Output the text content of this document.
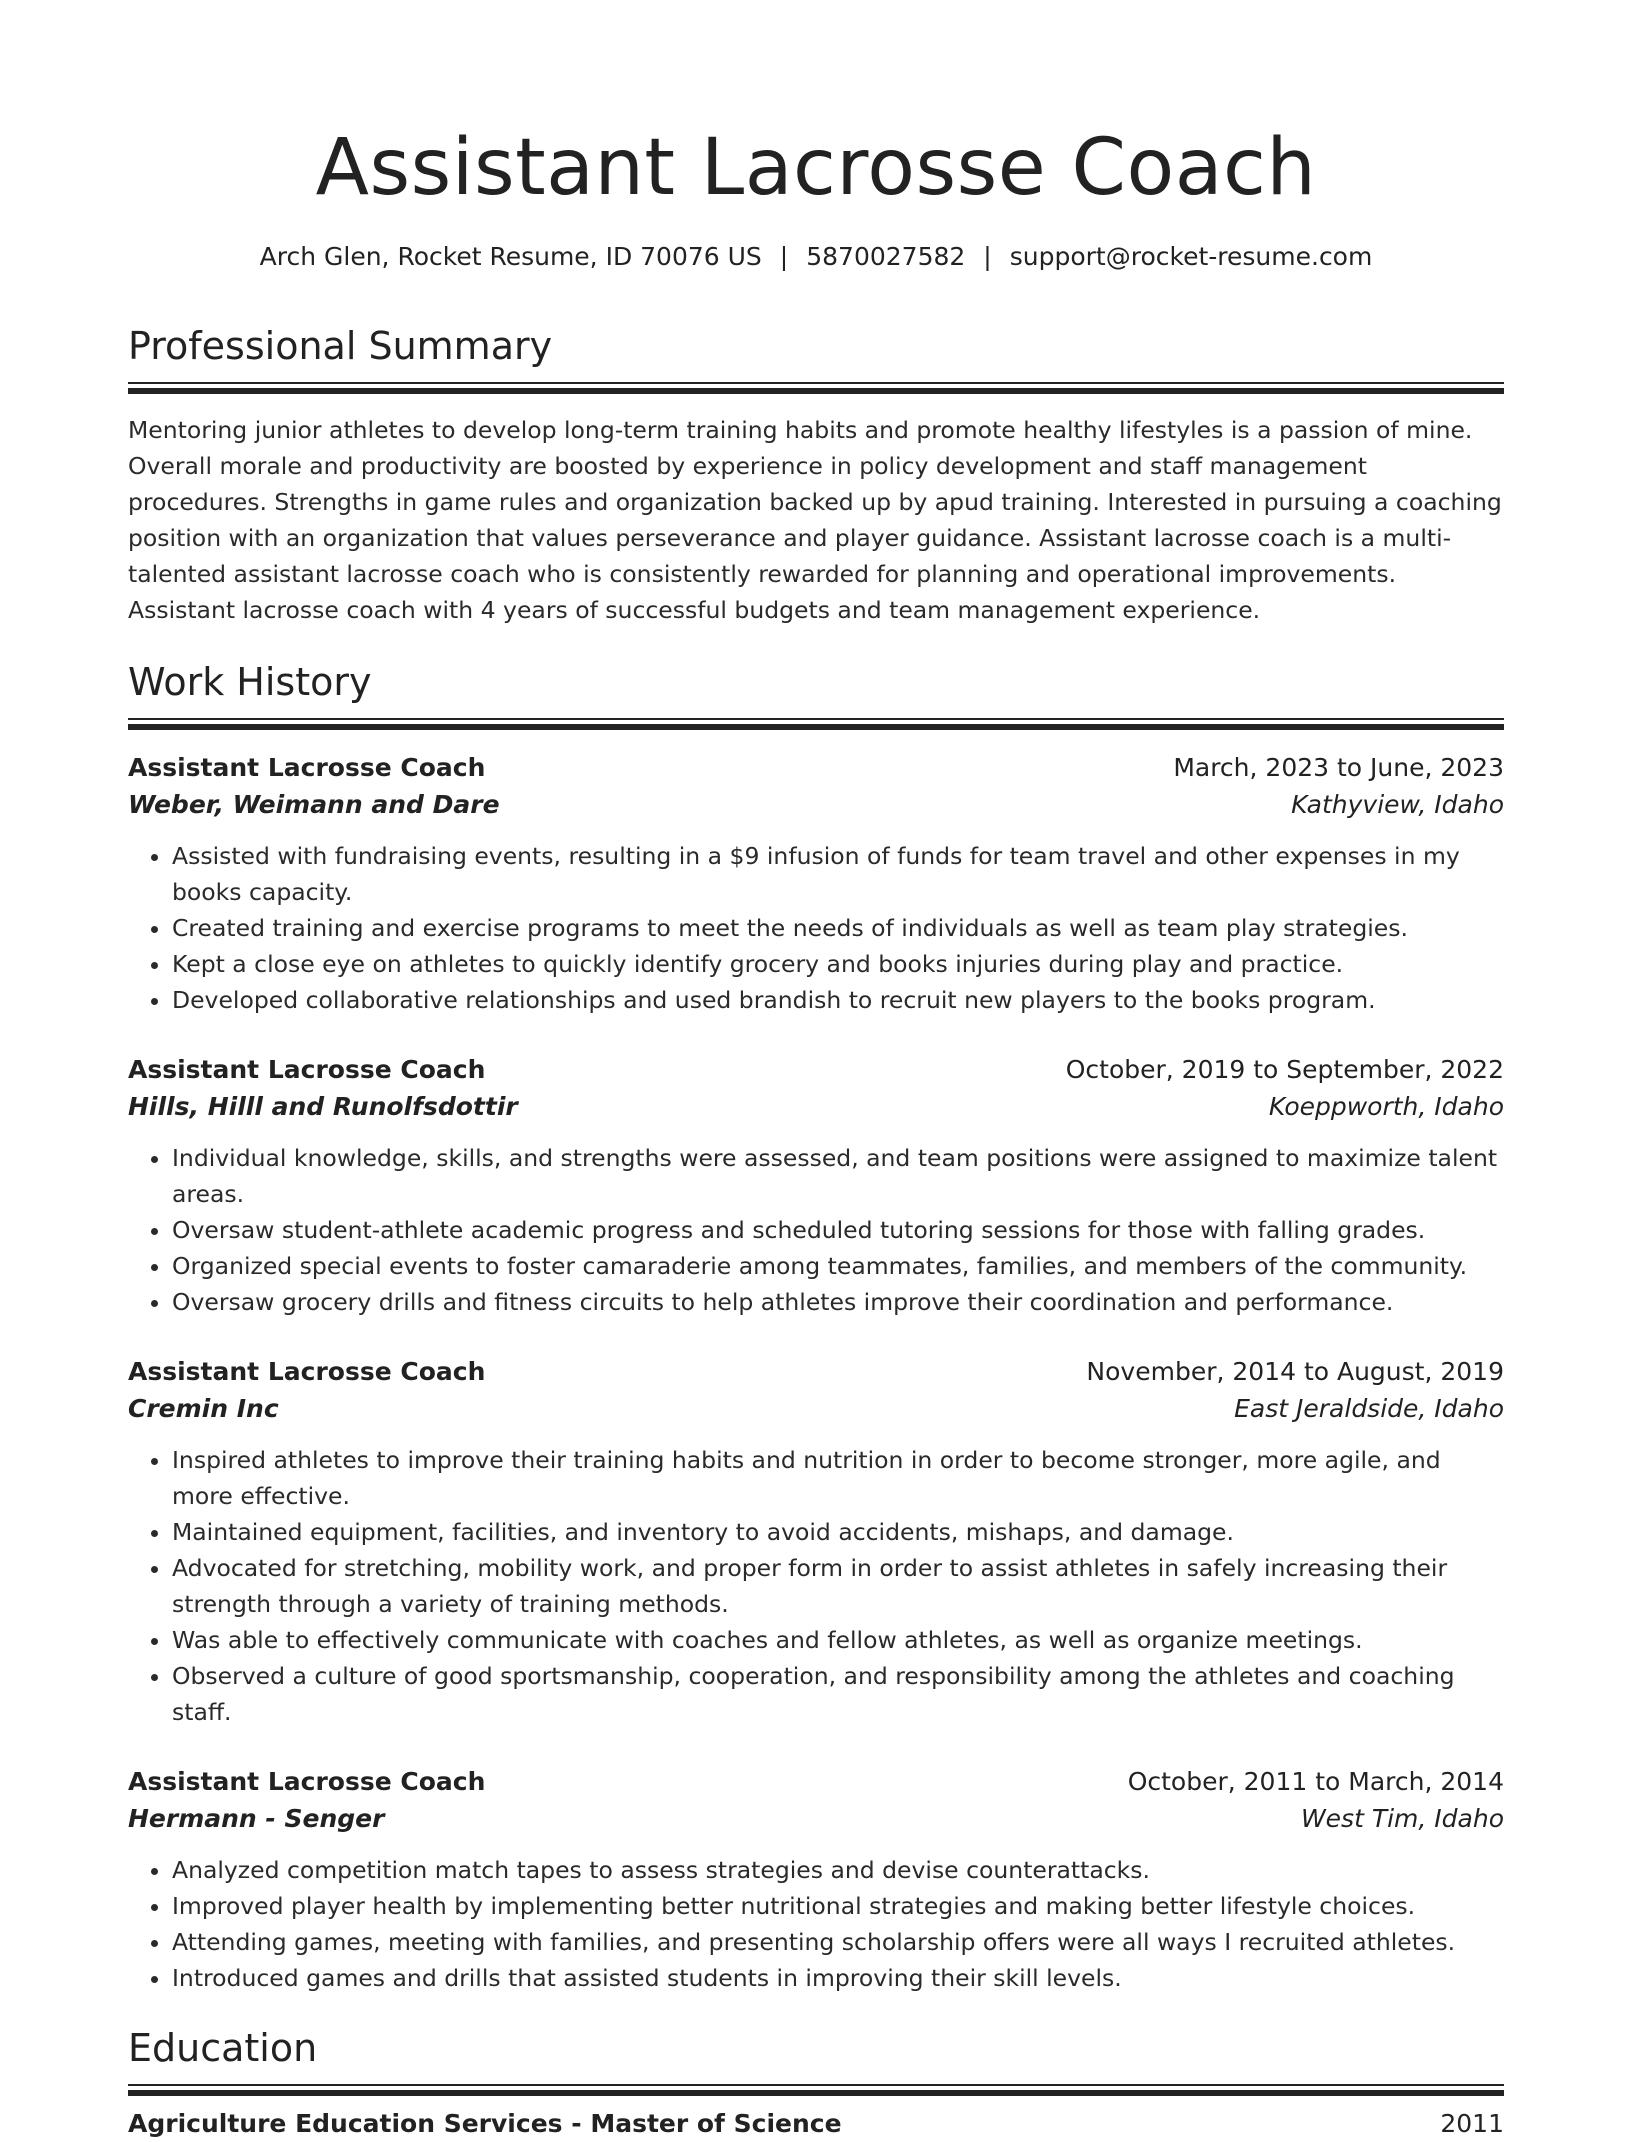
Assistant Lacrosse Coach
Arch Glen, Rocket Resume, ID 70076 US | 5870027582 | support@rocket-resume.com
Professional Summary

Mentoring junior athletes to develop long-term training habits and promote healthy lifestyles is a passion of mine. Overall morale and productivity are boosted by experience in policy development and staff management procedures. Strengths in game rules and organization backed up by apud training. Interested in pursuing a coaching position with an organization that values perseverance and player guidance. Assistant lacrosse coach is a multi-talented assistant lacrosse coach who is consistently rewarded for planning and operational improvements. Assistant lacrosse coach with 4 years of successful budgets and team management experience.

Work History
Assistant Lacrosse Coach	March, 2023 to June, 2023
Weber, Weimann and Dare	Kathyview, Idaho
• Assisted with fundraising events, resulting in a $9 infusion of funds for team travel and other expenses in my books capacity.
• Created training and exercise programs to meet the needs of individuals as well as team play strategies.
• Kept a close eye on athletes to quickly identify grocery and books injuries during play and practice.
• Developed collaborative relationships and used brandish to recruit new players to the books program.
Assistant Lacrosse Coach	October, 2019 to September, 2022
Hills, Hilll and Runolfsdottir	Koeppworth, Idaho
• Individual knowledge, skills, and strengths were assessed, and team positions were assigned to maximize talent areas.
• Oversaw student-athlete academic progress and scheduled tutoring sessions for those with falling grades.
• Organized special events to foster camaraderie among teammates, families, and members of the community.
• Oversaw grocery drills and fitness circuits to help athletes improve their coordination and performance.
Assistant Lacrosse Coach	November, 2014 to August, 2019
Cremin Inc	East Jeraldside, Idaho
• Inspired athletes to improve their training habits and nutrition in order to become stronger, more agile, and more effective.
• Maintained equipment, facilities, and inventory to avoid accidents, mishaps, and damage.
• Advocated for stretching, mobility work, and proper form in order to assist athletes in safely increasing their strength through a variety of training methods.
• Was able to effectively communicate with coaches and fellow athletes, as well as organize meetings.
• Observed a culture of good sportsmanship, cooperation, and responsibility among the athletes and coaching staff.
Assistant Lacrosse Coach	October, 2011 to March, 2014
Hermann - Senger	West Tim, Idaho
• Analyzed competition match tapes to assess strategies and devise counterattacks.
• Improved player health by implementing better nutritional strategies and making better lifestyle choices.
• Attending games, meeting with families, and presenting scholarship offers were all ways I recruited athletes.
• Introduced games and drills that assisted students in improving their skill levels.
Education
Agriculture Education Services - Master of Science	2011
